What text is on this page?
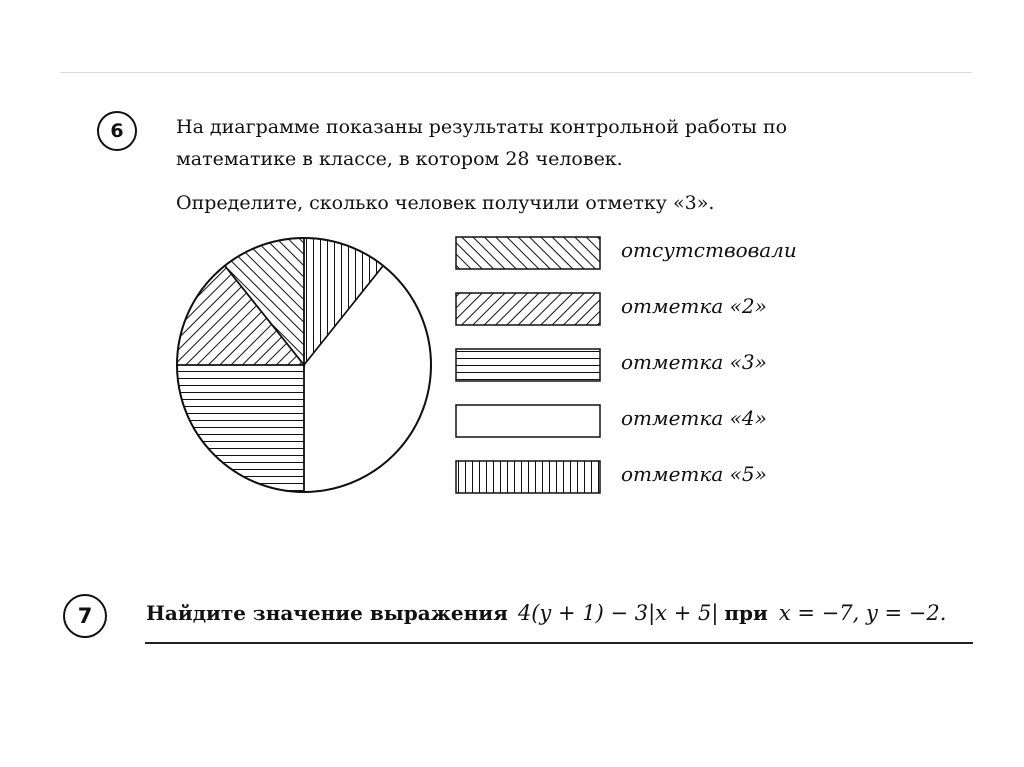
6	На диаграмме показаны результаты контрольной работы по
математике в классе, в котором 28 человек.
Определите, сколько человек получили отметку «3».
отсутствовали
отметка «2»
отметка «3»
отметка «4»
отметка «5»
7	Найдите значение выражения 4(y + 1) − 3|x + 5| при x = −7, y = −2.
